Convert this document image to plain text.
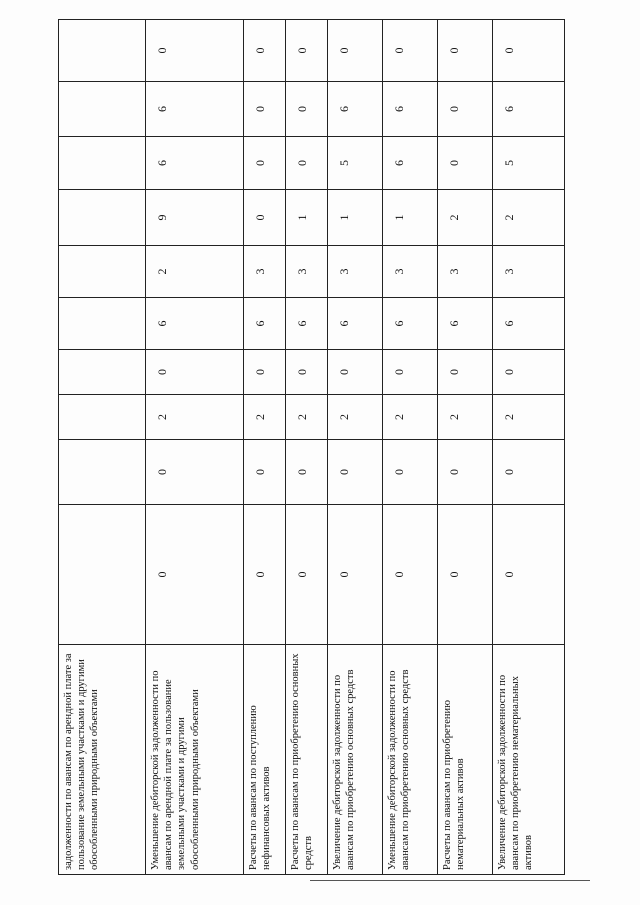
задолженности по авансам по арендной плате за пользование земельными участками и другими обособленными природными объектами										
Уменьшение дебиторской задолженности по авансам по арендной плате за пользование земельными участками и другими обособленными природными объектами	0	0	2	0	6	2	9	6	6	0
Расчеты по авансам по поступлению нефинансовых активов	0	0	2	0	6	3	0	0	0	0
Расчеты по авансам по приобретению основных средств	0	0	2	0	6	3	1	0	0	0
Увеличение дебиторской задолженности по авансам по приобретению основных средств	0	0	2	0	6	3	1	5	6	0
Уменьшение дебиторской задолженности по авансам по приобретению основных средств	0	0	2	0	6	3	1	6	6	0
Расчеты по авансам по приобретению нематериальных активов	0	0	2	0	6	3	2	0	0	0
Увеличение дебиторской задолженности по авансам по приобретению нематериальных активов	0	0	2	0	6	3	2	5	6	0
